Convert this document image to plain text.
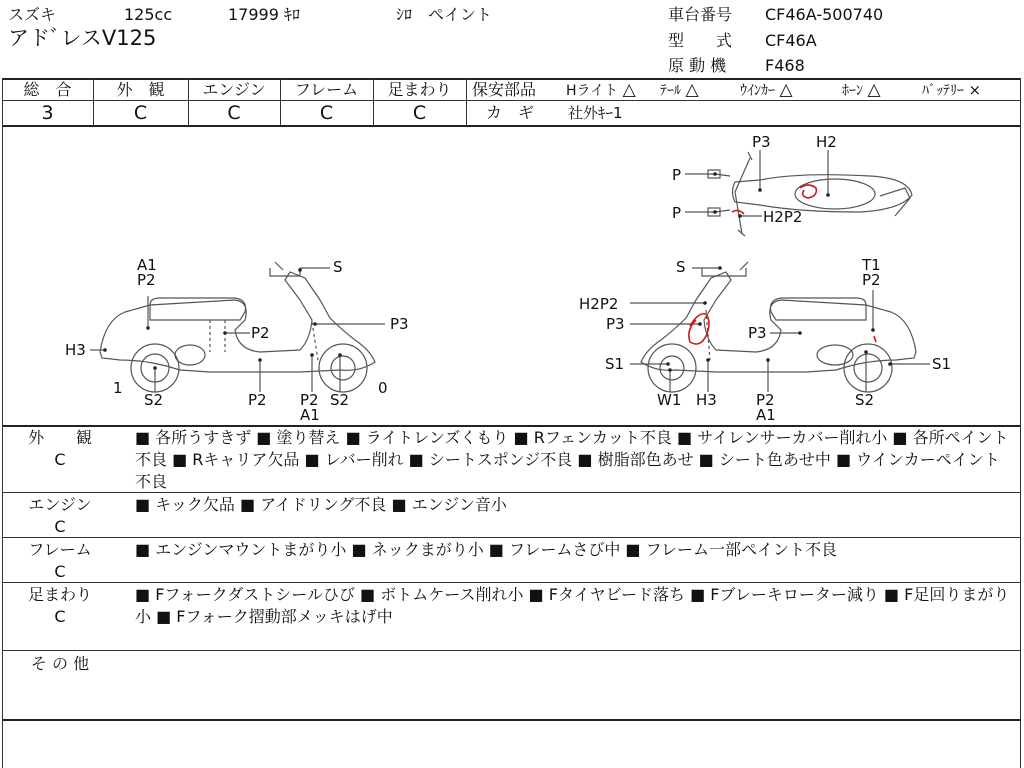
スズキ	125cc	17999 ｷﾛ	ｼﾛ　ペイント
アドﾞレスV125
車台番号 CF46A-500740
型　　式 CF46A
原 動 機 F468
総　合
3
外　観
C
エンジン
C
フレーム
C
足まわり
C
保安部品 Hライト △ ﾃｰﾙ △	ｳｲﾝｶｰ △	ﾎｰﾝ △	ﾊﾞｯﾃﾘｰ ×
カ　ギ 社外ｷｰ1
A1
P2
S
P2	P3
H3
1
S2	P2 P2
A1
S2
0
S	T1
P2
H2P2
P3	P3
S1	S1
W1 H3	P2
A1
S2
P3	H2
P
P	H2P2
外　　観
C
■ 各所うすきず ■ 塗り替え ■ ライトレンズくもり ■ Rフェンカット不良 ■ サイレンサーカバー削れ小 ■ 各所ペイント不良 ■ Rキャリア欠品 ■ レバー削れ ■ シートスポンジ不良 ■ 樹脂部色あせ ■ シート色あせ中 ■ ウインカーペイント不良
エンジン
C
■ キック欠品 ■ アイドリング不良 ■ エンジン音小
フレーム
C
■ エンジンマウントまがり小 ■ ネックまがり小 ■ フレームさび中 ■ フレーム一部ペイント不良
足まわり
C
■ Fフォークダストシールひび ■ ボトムケース削れ小 ■ Fタイヤビード落ち ■ Fブレーキローター減り ■ F足回りまがり小 ■ Fフォーク摺動部メッキはげ中
そ の 他
